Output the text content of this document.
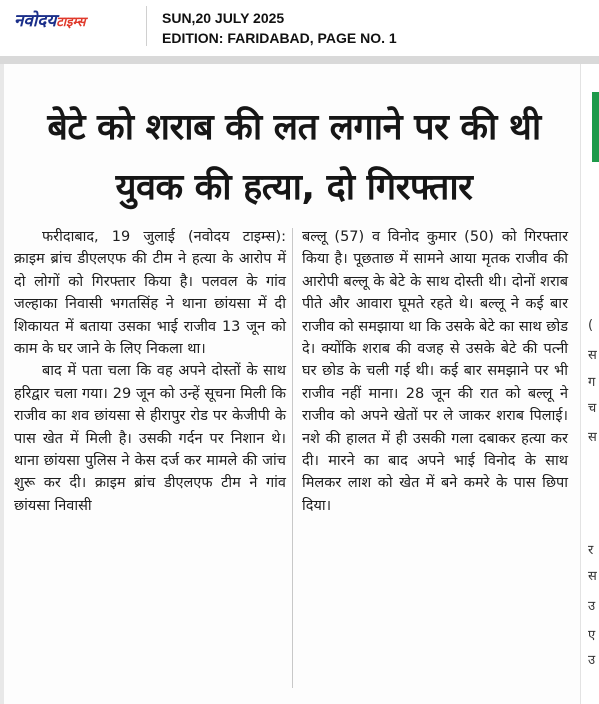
नवोदयटाइम्स	SUN,20 JULY 2025
EDITION: FARIDABAD, PAGE NO. 1
बेटे को शराब की लत लगाने पर की थी युवक की हत्या, दो गिरफ्तार

फरीदाबाद, 19 जुलाई (नवोदय टाइम्स): क्राइम ब्रांच डीएलएफ की टीम ने हत्या के आरोप में दो लोगों को गिरफ्तार किया है। पलवल के गांव जल्हाका निवासी भगतसिंह ने थाना छांयसा में दी शिकायत में बताया उसका भाई राजीव 13 जून को काम के घर जाने के लिए निकला था।

बाद में पता चला कि वह अपने दोस्तों के साथ हरिद्वार चला गया। 29 जून को उन्हें सूचना मिली कि राजीव का शव छांयसा से हीरापुर रोड पर केजीपी के पास खेत में मिली है। उसकी गर्दन पर निशान थे। थाना छांयसा पुलिस ने केस दर्ज कर मामले की जांच शुरू कर दी। क्राइम ब्रांच डीएलएफ टीम ने गांव छांयसा निवासी

बल्लू (57) व विनोद कुमार (50) को गिरफ्तार किया है। पूछताछ में सामने आया मृतक राजीव की आरोपी बल्लू के बेटे के साथ दोस्ती थी। दोनों शराब पीते और आवारा घूमते रहते थे। बल्लू ने कई बार राजीव को समझाया था कि उसके बेटे का साथ छोड दे। क्योंकि शराब की वजह से उसके बेटे की पत्नी घर छोड के चली गई थी। कई बार समझाने पर भी राजीव नहीं माना। 28 जून की रात को बल्लू ने राजीव को अपने खेतों पर ले जाकर शराब पिलाई। नशे की हालत में ही उसकी गला दबाकर हत्या कर दी। मारने का बाद अपने भाई विनोद के साथ मिलकर लाश को खेत में बने कमरे के पास छिपा दिया।

(
स
ग
च
स
र
स
उ
ए
उ
